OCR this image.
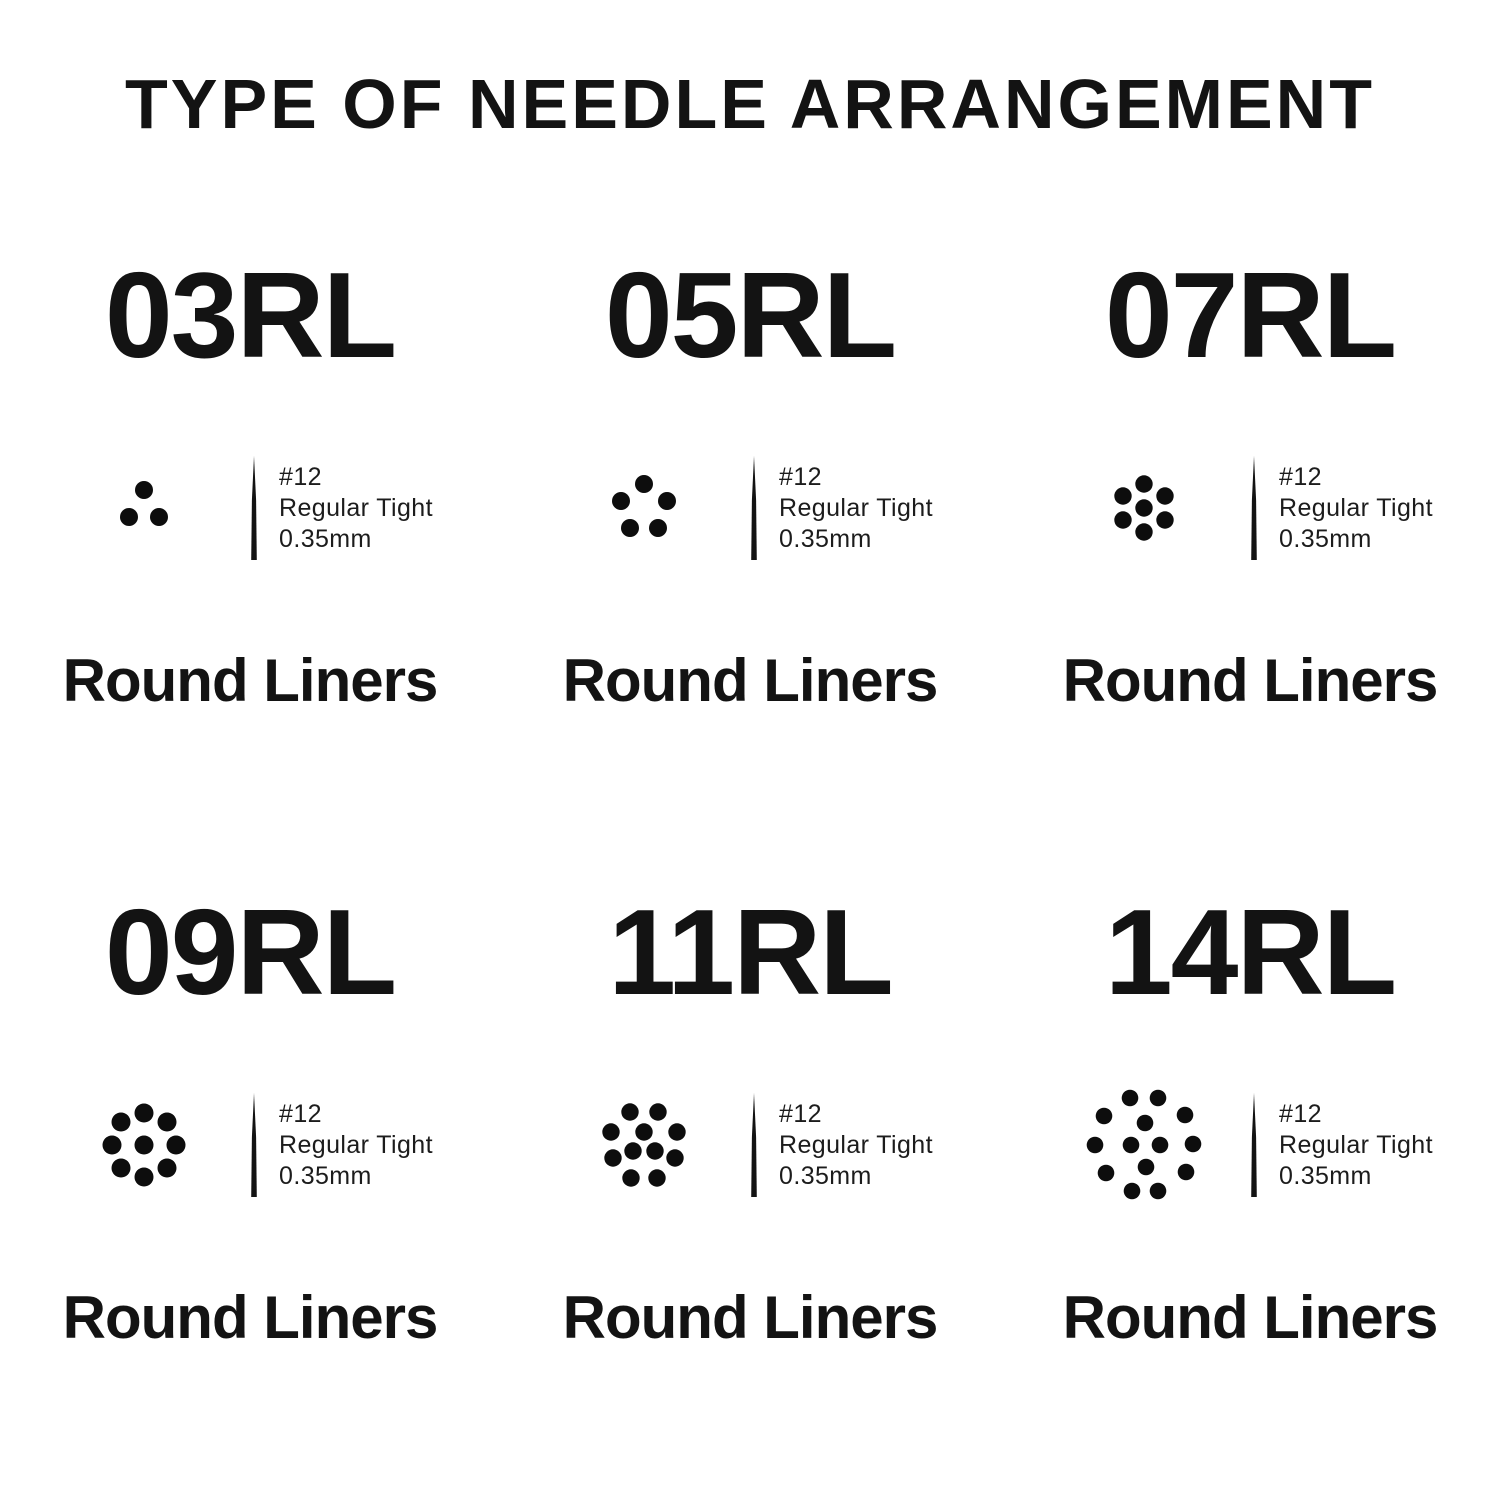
TYPE OF NEEDLE ARRANGEMENT
03RL
#12
Regular Tight
0.35mm
Round Liners
05RL
#12
Regular Tight
0.35mm
Round Liners
07RL
#12
Regular Tight
0.35mm
Round Liners
09RL
#12
Regular Tight
0.35mm
Round Liners
11RL
#12
Regular Tight
0.35mm
Round Liners
14RL
#12
Regular Tight
0.35mm
Round Liners
